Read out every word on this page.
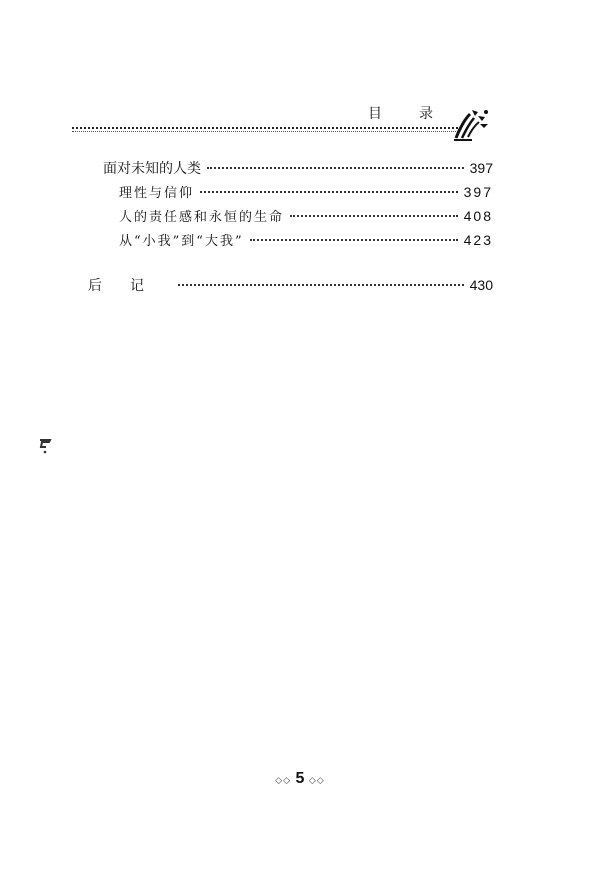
目	录
面对未知的人类	397
理性与信仰	397
人的责任感和永恒的生命	408
从“小我”到“大我”	423
后记	430
◇◇ 5 ◇◇
